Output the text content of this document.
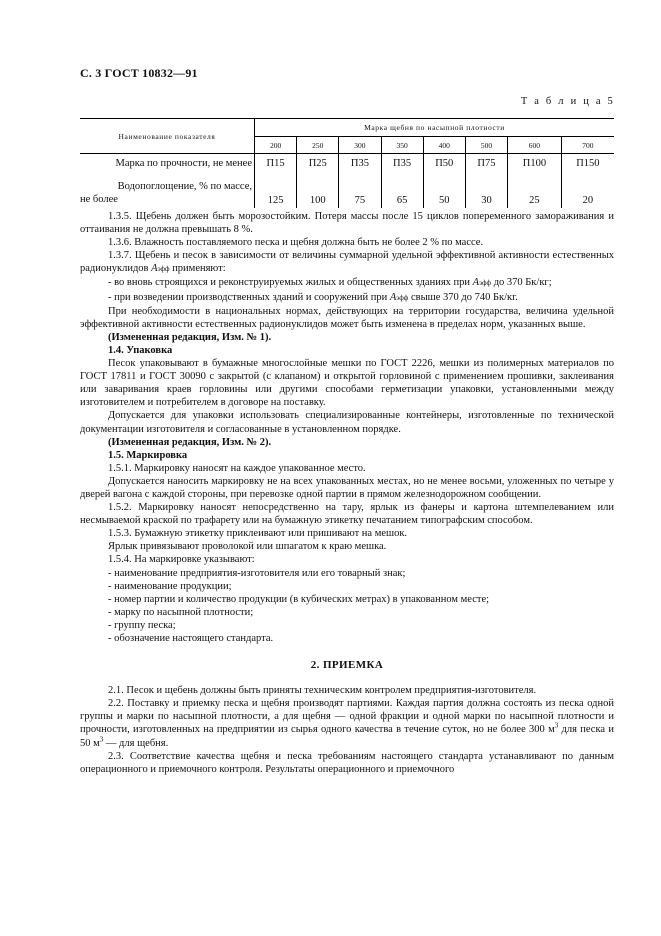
С. 3 ГОСТ 10832—91
Т а б л и ц а 5
Наименование показателя	Марка щебня по насыпной плотности							
	200	250	300	350	400	500	600	700
Марка по прочности, не менее	П15	П25	П35	П35	П50	П75	П100	П150

Водопоглощение, % по массе,
не более	125	100	75	65	50	30	25	20

1.3.5. Щебень должен быть морозостойким. Потеря массы после 15 циклов попеременного замораживания и оттаивания не должна превышать 8 %.

1.3.6. Влажность поставляемого песка и щебня должна быть не более 2 % по массе.

1.3.7. Щебень и песок в зависимости от величины суммарной удельной эффективной активности естественных радионуклидов Аэфф применяют:

- во вновь строящихся и реконструируемых жилых и общественных зданиях при Аэфф до 370 Бк/кг;

- при возведении производственных зданий и сооружений при Аэфф свыше 370 до 740 Бк/кг.

При необходимости в национальных нормах, действующих на территории государства, величина удельной эффективной активности естественных радионуклидов может быть изменена в пределах норм, указанных выше.

(Измененная редакция, Изм. № 1).

1.4. Упаковка

Песок упаковывают в бумажные многослойные мешки по ГОСТ 2226, мешки из полимерных материалов по ГОСТ 17811 и ГОСТ 30090 с закрытой (с клапаном) и открытой горловиной с применением прошивки, заклеивания или заваривания краев горловины или другими способами герметизации упаковки, установленными между изготовителем и потребителем в договоре на поставку.

Допускается для упаковки использовать специализированные контейнеры, изготовленные по технической документации изготовителя и согласованные в установленном порядке.

(Измененная редакция, Изм. № 2).

1.5. Маркировка

1.5.1. Маркировку наносят на каждое упакованное место.

Допускается наносить маркировку не на всех упакованных местах, но не менее восьми, уложенных по четыре у дверей вагона с каждой стороны, при перевозке одной партии в прямом железнодорожном сообщении.

1.5.2. Маркировку наносят непосредственно на тару, ярлык из фанеры и картона штемпелеванием или несмываемой краской по трафарету или на бумажную этикетку печатанием типографским способом.

1.5.3. Бумажную этикетку приклеивают или пришивают на мешок.

Ярлык привязывают проволокой или шпагатом к краю мешка.

1.5.4. На маркировке указывают:

- наименование предприятия-изготовителя или его товарный знак;

- наименование продукции;

- номер партии и количество продукции (в кубических метрах) в упакованном месте;

- марку по насыпной плотности;

- группу песка;

- обозначение настоящего стандарта.

2. ПРИЕМКА

2.1. Песок и щебень должны быть приняты техническим контролем предприятия-изготовителя.

2.2. Поставку и приемку песка и щебня производят партиями. Каждая партия должна состоять из песка одной группы и марки по насыпной плотности, а для щебня — одной фракции и одной марки по насыпной плотности и прочности, изготовленных на предприятии из сырья одного качества в течение суток, но не более 300 $м^3$ для песка и 50 $м^3$ — для щебня.

2.3. Соответствие качества щебня и песка требованиям настоящего стандарта устанавливают по данным операционного и приемочного контроля. Результаты операционного и приемочного
